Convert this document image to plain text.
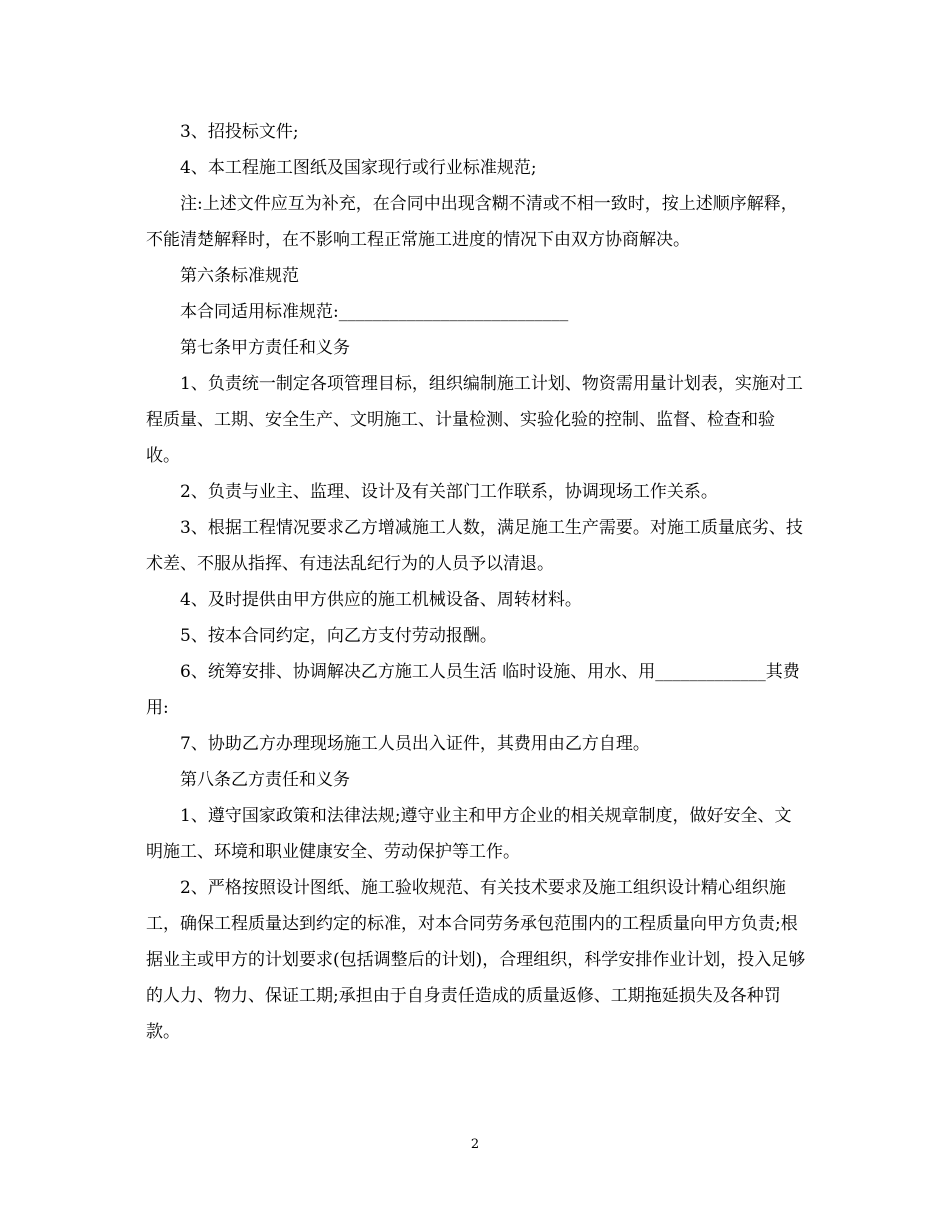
3、招投标文件;

4、本工程施工图纸及国家现行或行业标准规范;

注:上述文件应互为补充，在合同中出现含糊不清或不相一致时，按上述顺序解释，不能清楚解释时，在不影响工程正常施工进度的情况下由双方协商解决。

第六条标准规范

本合同适用标准规范:___________________________

第七条甲方责任和义务

1、负责统一制定各项管理目标，组织编制施工计划、物资需用量计划表，实施对工程质量、工期、安全生产、文明施工、计量检测、实验化验的控制、监督、检查和验收。

2、负责与业主、监理、设计及有关部门工作联系，协调现场工作关系。

3、根据工程情况要求乙方增减施工人数，满足施工生产需要。对施工质量底劣、技术差、不服从指挥、有违法乱纪行为的人员予以清退。

4、及时提供由甲方供应的施工机械设备、周转材料。

5、按本合同约定，向乙方支付劳动报酬。

6、统筹安排、协调解决乙方施工人员生活 临时设施、用水、用_____________其费用:

7、协助乙方办理现场施工人员出入证件，其费用由乙方自理。

第八条乙方责任和义务

1、遵守国家政策和法律法规;遵守业主和甲方企业的相关规章制度，做好安全、文明施工、环境和职业健康安全、劳动保护等工作。

2、严格按照设计图纸、施工验收规范、有关技术要求及施工组织设计精心组织施工，确保工程质量达到约定的标准，对本合同劳务承包范围内的工程质量向甲方负责;根据业主或甲方的计划要求(包括调整后的计划)，合理组织，科学安排作业计划，投入足够的人力、物力、保证工期;承担由于自身责任造成的质量返修、工期拖延损失及各种罚款。

2
